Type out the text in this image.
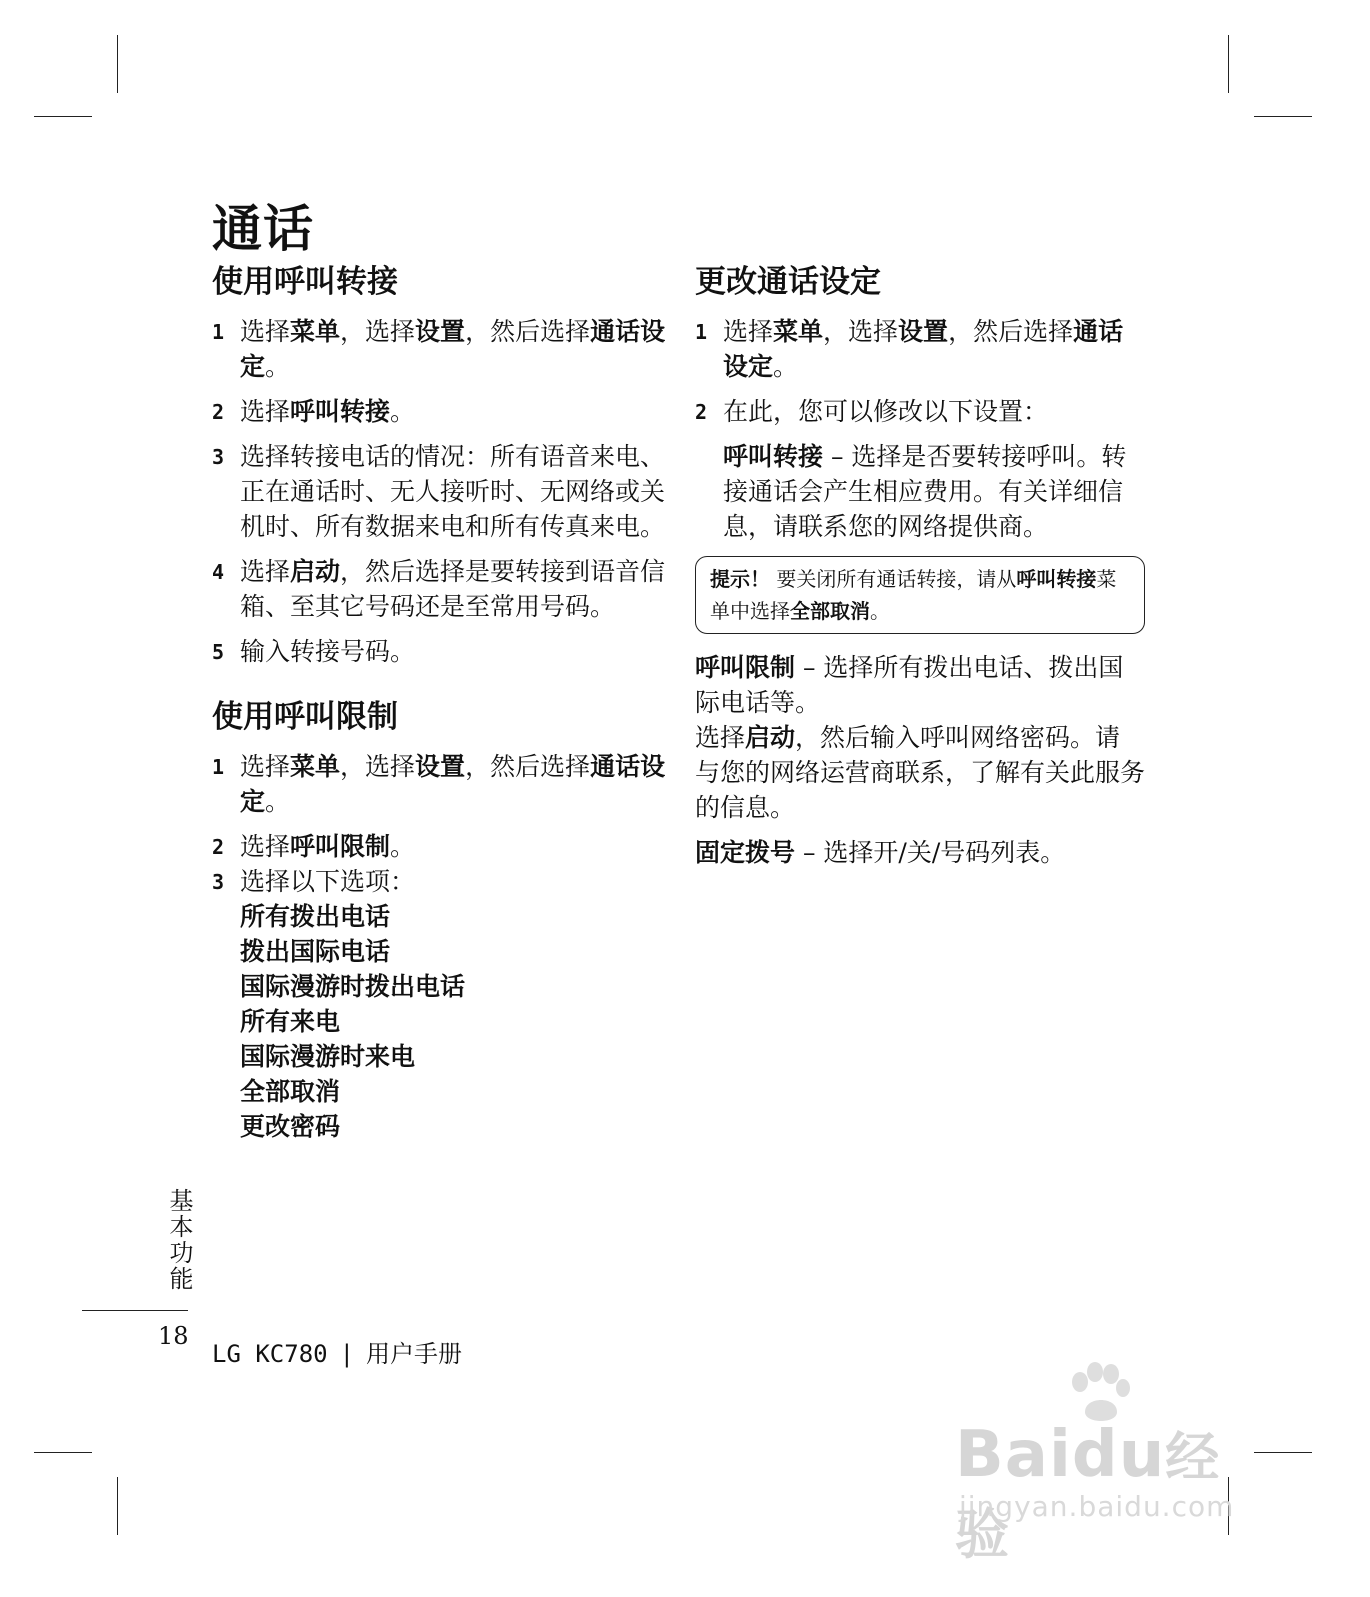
通话
使用呼叫转接
1 选择菜单，选择设置，然后选择通话设定。
2 选择呼叫转接。
3 选择转接电话的情况：所有语音来电、正在通话时、无人接听时、无网络或关机时、所有数据来电和所有传真来电。
4 选择启动，然后选择是要转接到语音信箱、至其它号码还是至常用号码。
5 输入转接号码。
使用呼叫限制
1 选择菜单，选择设置，然后选择通话设定。
2 选择呼叫限制。
3 选择以下选项：
所有拨出电话
拨出国际电话
国际漫游时拨出电话
所有来电
国际漫游时来电
全部取消
更改密码
更改通话设定
1 选择菜单，选择设置，然后选择通话设定。
2 在此，您可以修改以下设置：

呼叫转接 – 选择是否要转接呼叫。转接通话会产生相应费用。有关详细信息，请联系您的网络提供商。

提示！ 要关闭所有通话转接，请从呼叫转接菜单中选择全部取消。

呼叫限制 – 选择所有拨出电话、拨出国际电话等。

选择启动，然后输入呼叫网络密码。请与您的网络运营商联系，了解有关此服务的信息。

固定拨号 – 选择开/关/号码列表。

基本功能
18
LG KC780 | 用户手册
Baidu经验
jingyan.baidu.com
